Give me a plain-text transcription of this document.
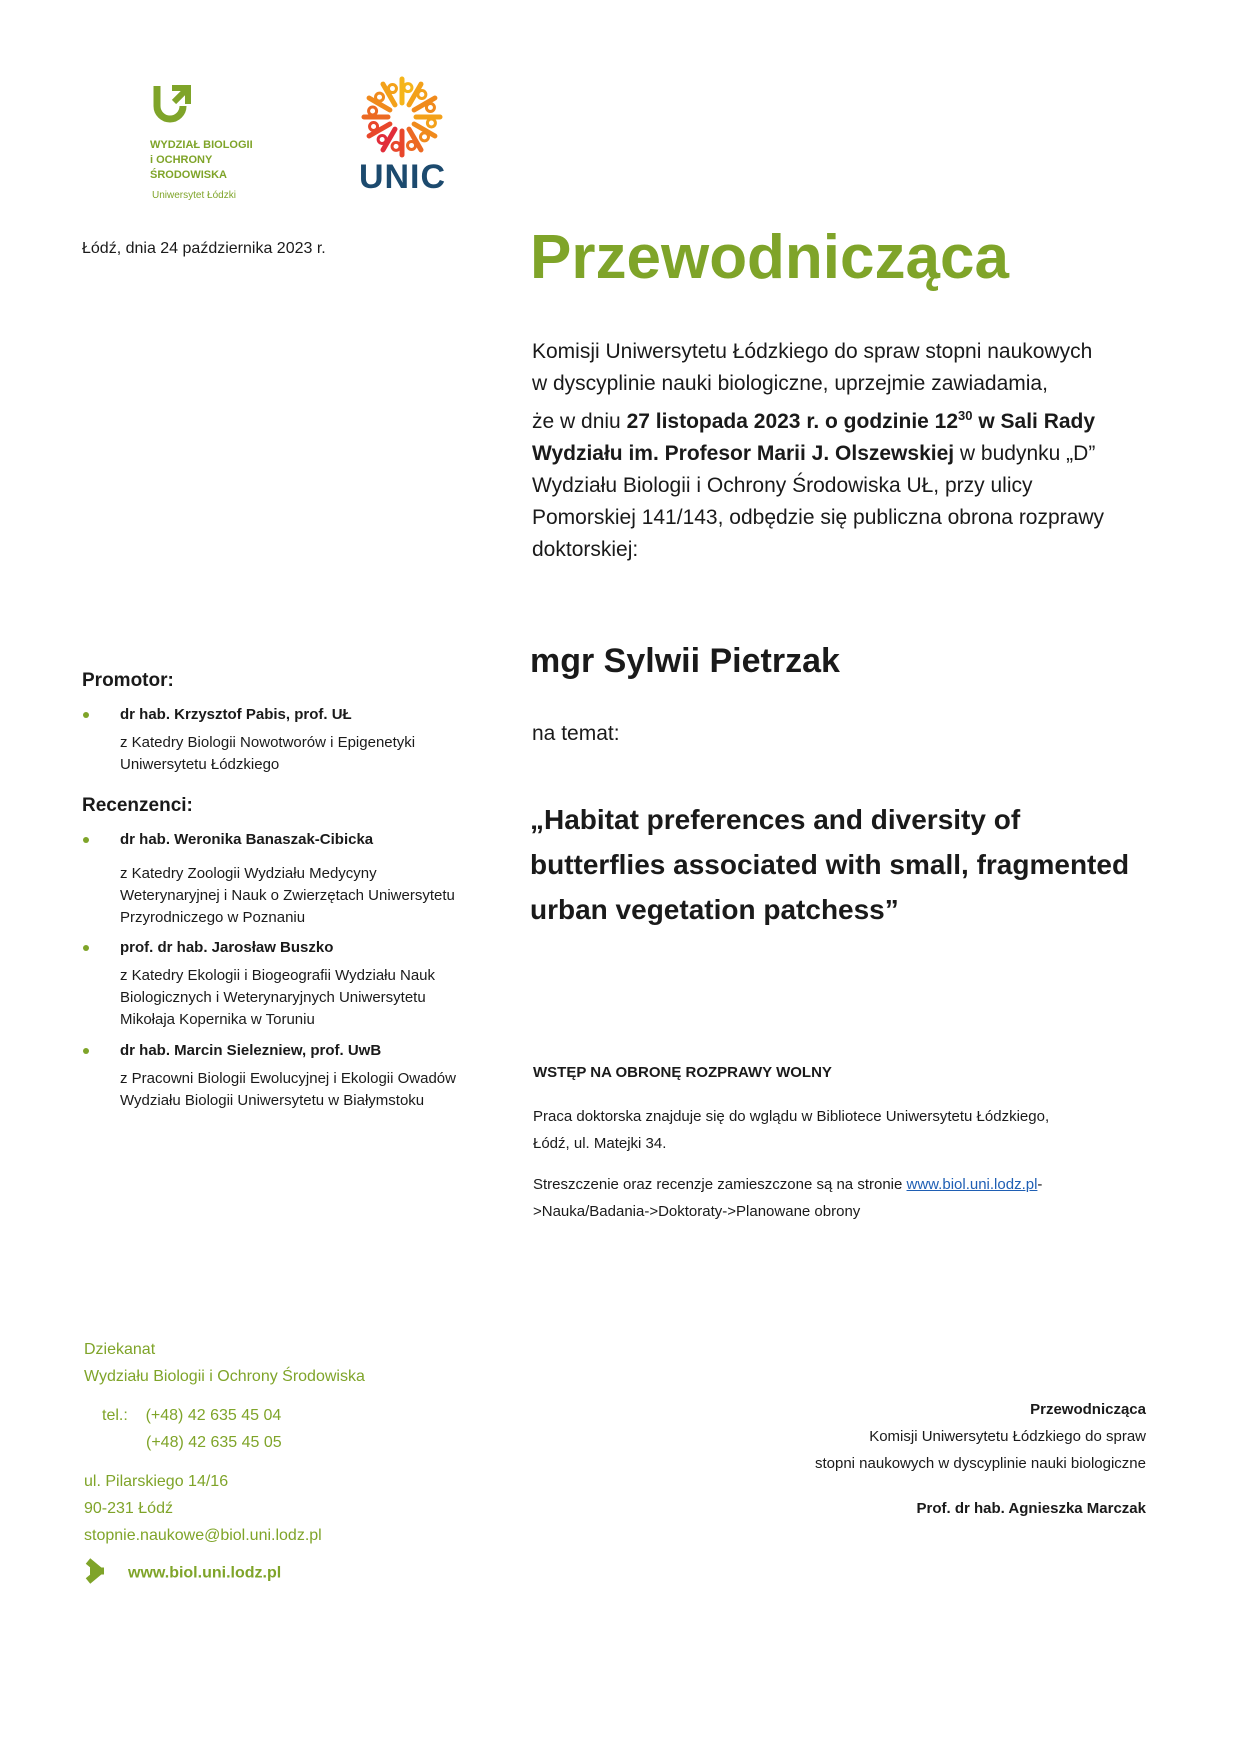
WYDZIAŁ BIOLOGII
i OCHRONY
ŚRODOWISKA
Uniwersytet Łódzki	UNIC
Łódź, dnia 24 października 2023 r.	Przewodnicząca

Komisji Uniwersytetu Łódzkiego do spraw stopni naukowych

w dyscyplinie nauki biologiczne, uprzejmie zawiadamia,

że w dniu 27 listopada 2023 r. o godzinie $12^{30}$ w Sali Rady

Wydziału im. Profesor Marii J. Olszewskiej w budynku „D”

Wydziału Biologii i Ochrony Środowiska UŁ, przy ulicy

Pomorskiej 141/143, odbędzie się publiczna obrona rozprawy

doktorskiej:

mgr Sylwii Pietrzak
na temat:
„Habitat preferences and diversity of
butterflies associated with small, fragmented
urban vegetation patchess”
Promotor:
dr hab. Krzysztof Pabis, prof. UŁ
z Katedry Biologii Nowotworów i Epigenetyki
Uniwersytetu Łódzkiego
Recenzenci:
dr hab. Weronika Banaszak-Cibicka
z Katedry Zoologii Wydziału Medycyny
Weterynaryjnej i Nauk o Zwierzętach Uniwersytetu
Przyrodniczego w Poznaniu
prof. dr hab. Jarosław Buszko
z Katedry Ekologii i Biogeografii Wydziału Nauk
Biologicznych i Weterynaryjnych Uniwersytetu
Mikołaja Kopernika w Toruniu
dr hab. Marcin Sielezniew, prof. UwB
z Pracowni Biologii Ewolucyjnej i Ekologii Owadów
Wydziału Biologii Uniwersytetu w Białymstoku
WSTĘP NA OBRONĘ ROZPRAWY WOLNY

Praca doktorska znajduje się do wglądu w Bibliotece Uniwersytetu Łódzkiego,
Łódź, ul. Matejki 34.

Streszczenie oraz recenzje zamieszczone są na stronie www.biol.uni.lodz.pl-
>Nauka/Badania->Doktoraty->Planowane obrony

Dziekanat
Wydziału Biologii i Ochrony Środowiska
tel.: (+48) 42 635 45 04
(+48) 42 635 45 05
ul. Pilarskiego 14/16
90-231 Łódź
stopnie.naukowe@biol.uni.lodz.pl
www.biol.uni.lodz.pl
Przewodnicząca
Komisji Uniwersytetu Łódzkiego do spraw
stopni naukowych w dyscyplinie nauki biologiczne
Prof. dr hab. Agnieszka Marczak
